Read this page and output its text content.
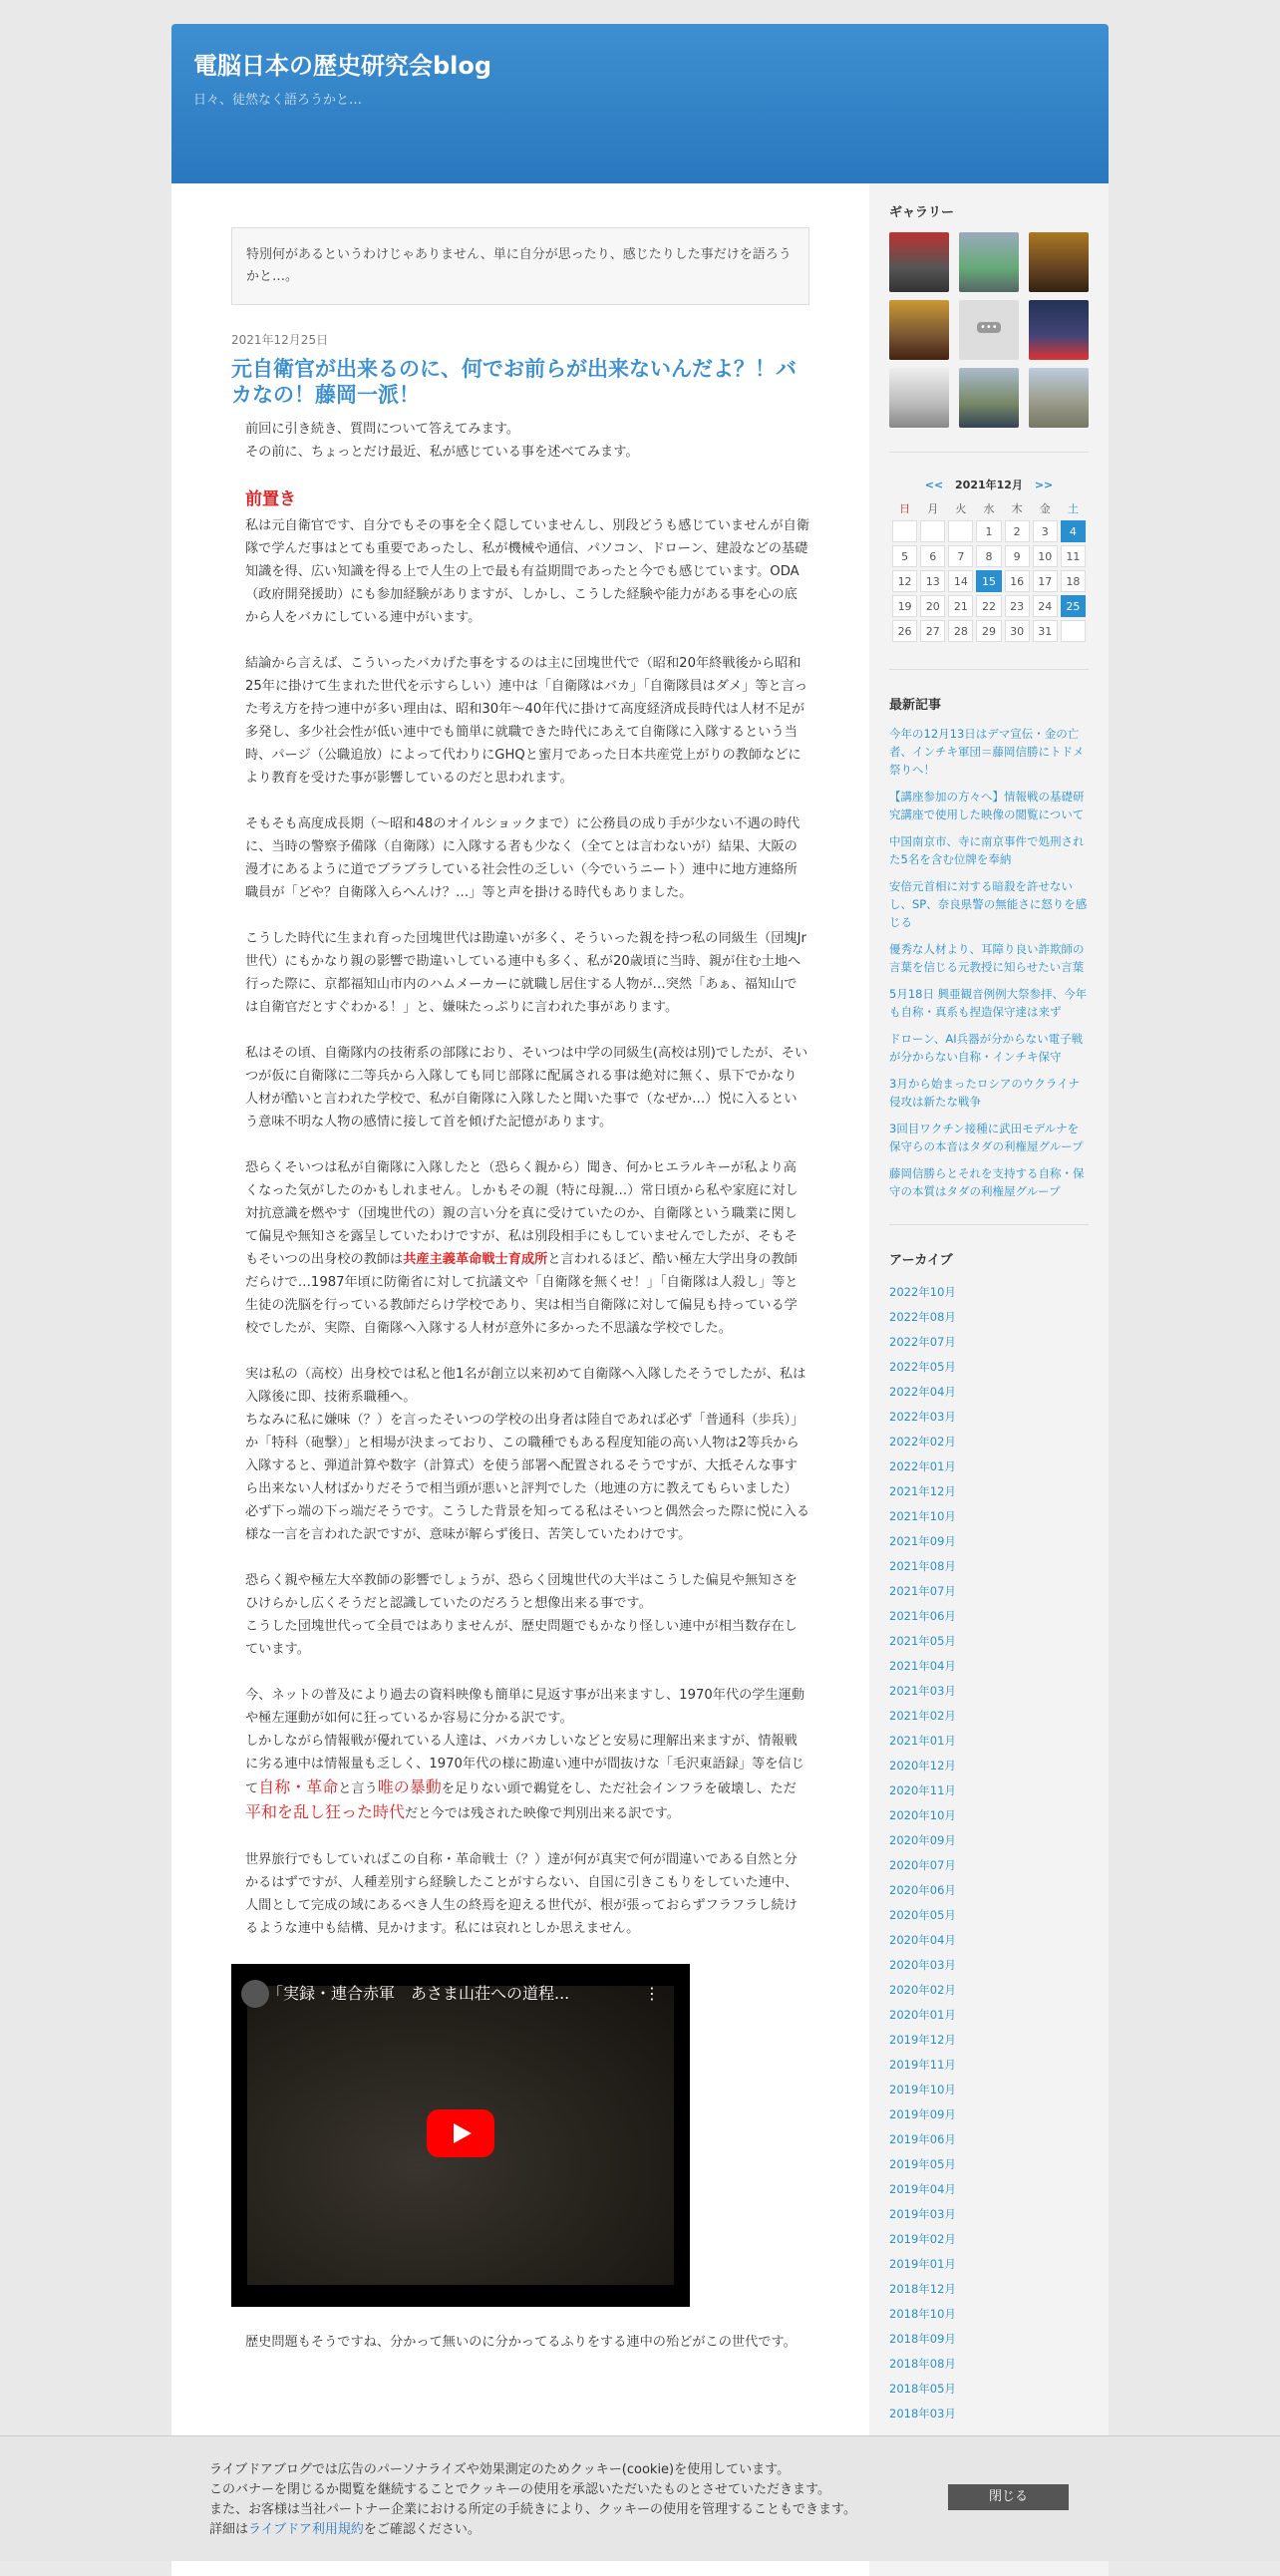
電脳日本の歴史研究会blog
日々、徒然なく語ろうかと…
特別何があるというわけじゃありません、単に自分が思ったり、感じたりした事だけを語ろうかと…。
2021年12月25日
元自衛官が出来るのに、何でお前らが出来ないんだよ？！バカなの！藤岡一派！

前回に引き続き、質問について答えてみます。

その前に、ちょっとだけ最近、私が感じている事を述べてみます。

前置き

私は元自衛官です、自分でもその事を全く隠していませんし、別段どうも感じていませんが自衛隊で学んだ事はとても重要であったし、私が機械や通信、パソコン、ドローン、建設などの基礎知識を得、広い知識を得る上で人生の上で最も有益期間であったと今でも感じています。ODA（政府開発援助）にも参加経験がありますが、しかし、こうした経験や能力がある事を心の底から人をバカにしている連中がいます。

結論から言えば、こういったバカげた事をするのは主に団塊世代で（昭和20年終戦後から昭和25年に掛けて生まれた世代を示すらしい）連中は「自衛隊はバカ」「自衛隊員はダメ」等と言った考え方を持つ連中が多い理由は、昭和30年〜40年代に掛けて高度経済成長時代は人材不足が多発し、多少社会性が低い連中でも簡単に就職できた時代にあえて自衛隊に入隊するという当時、パージ（公職追放）によって代わりにGHQと蜜月であった日本共産党上がりの教師などにより教育を受けた事が影響しているのだと思われます。

そもそも高度成長期（〜昭和48のオイルショックまで）に公務員の成り手が少ない不遇の時代に、当時の警察予備隊（自衛隊）に入隊する者も少なく（全てとは言わないが）結果、大阪の漫才にあるように道でブラブラしている社会性の乏しい（今でいうニート）連中に地方連絡所職員が「どや？自衛隊入らへんけ？…」等と声を掛ける時代もありました。

こうした時代に生まれ育った団塊世代は勘違いが多く、そういった親を持つ私の同級生（団塊Jr世代）にもかなり親の影響で勘違いしている連中も多く、私が20歳頃に当時、親が住む土地へ行った際に、京都福知山市内のハムメーカーに就職し居住する人物が…突然「あぁ、福知山では自衛官だとすぐわかる！」と、嫌味たっぷりに言われた事があります。

私はその頃、自衛隊内の技術系の部隊におり、そいつは中学の同級生(高校は別)でしたが、そいつが仮に自衛隊に二等兵から入隊しても同じ部隊に配属される事は絶対に無く、県下でかなり人材が酷いと言われた学校で、私が自衛隊に入隊したと聞いた事で（なぜか…）悦に入るという意味不明な人物の感情に接して首を傾げた記憶があります。

恐らくそいつは私が自衛隊に入隊したと（恐らく親から）聞き、何かヒエラルキーが私より高くなった気がしたのかもしれません。しかもその親（特に母親…）常日頃から私や家庭に対し対抗意識を燃やす（団塊世代の）親の言い分を真に受けていたのか、自衛隊という職業に関して偏見や無知さを露呈していたわけですが、私は別段相手にもしていませんでしたが、そもそもそいつの出身校の教師は共産主義革命戦士育成所と言われるほど、酷い極左大学出身の教師だらけで…1987年頃に防衛省に対して抗議文や「自衛隊を無くせ！」「自衛隊は人殺し」等と生徒の洗脳を行っている教師だらけ学校であり、実は相当自衛隊に対して偏見も持っている学校でしたが、実際、自衛隊へ入隊する人材が意外に多かった不思議な学校でした。

実は私の（高校）出身校では私と他1名が創立以来初めて自衛隊へ入隊したそうでしたが、私は入隊後に即、技術系職種へ。

ちなみに私に嫌味（？）を言ったそいつの学校の出身者は陸自であれば必ず「普通科（歩兵）」か「特科（砲撃）」と相場が決まっており、この職種でもある程度知能の高い人物は2等兵から入隊すると、弾道計算や数字（計算式）を使う部署へ配置されるそうですが、大抵そんな事すら出来ない人材ばかりだそうで相当頭が悪いと評判でした（地連の方に教えてもらいました）必ず下っ端の下っ端だそうです。こうした背景を知ってる私はそいつと偶然会った際に悦に入る様な一言を言われた訳ですが、意味が解らず後日、苦笑していたわけです。

恐らく親や極左大卒教師の影響でしょうが、恐らく団塊世代の大半はこうした偏見や無知さをひけらかし広くそうだと認識していたのだろうと想像出来る事です。

こうした団塊世代って全員ではありませんが、歴史問題でもかなり怪しい連中が相当数存在しています。

今、ネットの普及により過去の資料映像も簡単に見返す事が出来ますし、1970年代の学生運動や極左運動が如何に狂っているか容易に分かる訳です。

しかしながら情報戦が優れている人達は、バカバカしいなどと安易に理解出来ますが、情報戦に劣る連中は情報量も乏しく、1970年代の様に勘違い連中が間抜けな「毛沢東語録」等を信じて自称・革命と言う唯の暴動を足りない頭で鵜覚をし、ただ社会インフラを破壊し、ただ平和を乱し狂った時代だと今では残された映像で判別出来る訳です。

世界旅行でもしていればこの自称・革命戦士（？）達が何が真実で何が間違いである自然と分かるはずですが、人種差別すら経験したことがすらない、自国に引きこもりをしていた連中、人間として完成の域にあるべき人生の終焉を迎える世代が、根が張っておらずフラフラし続けるような連中も結構、見かけます。私には哀れとしか思えません。

「実録・連合赤軍　あさま山荘への道程...	⋮

歴史問題もそうですね、分かって無いのに分かってるふりをする連中の殆どがこの世代です。

ギャラリー
•••
<< 2021年12月 >>
日	月	火	水	木	金	土
			1	2	3	4
5	6	7	8	9	10	11
12	13	14	15	16	17	18
19	20	21	22	23	24	25
26	27	28	29	30	31	
最新記事
今年の12月13日はデマ宣伝・金の亡者、インチキ軍団＝藤岡信勝にトドメ祭りへ！
【講座参加の方々へ】情報戦の基礎研究講座で使用した映像の閲覧について
中国南京市、寺に南京事件で処刑された5名を含む位牌を奉納
安倍元首相に対する暗殺を許せない し、SP、奈良県警の無能さに怒りを感じる
優秀な人材より、耳障り良い詐欺師の言葉を信じる元教授に知らせたい言葉
5月18日 興亜観音例例大祭参拝、今年も自称・真系も捏造保守達は来ず
ドローン、AI兵器が分からない電子戦が分からない自称・インチキ保守
3月から始まったロシアのウクライナ侵攻は新たな戦争
3回目ワクチン接種に武田モデルナを保守らの本音はタダの利権屋グループ
藤岡信勝らとそれを支持する自称・保守の本質はタダの利権屋グループ
アーカイブ
2022年10月
2022年08月
2022年07月
2022年05月
2022年04月
2022年03月
2022年02月
2022年01月
2021年12月
2021年10月
2021年09月
2021年08月
2021年07月
2021年06月
2021年05月
2021年04月
2021年03月
2021年02月
2021年01月
2020年12月
2020年11月
2020年10月
2020年09月
2020年07月
2020年06月
2020年05月
2020年04月
2020年03月
2020年02月
2020年01月
2019年12月
2019年11月
2019年10月
2019年09月
2019年06月
2019年05月
2019年04月
2019年03月
2019年02月
2019年01月
2018年12月
2018年10月
2018年09月
2018年08月
2018年05月
2018年03月
ライブドアブログでは広告のパーソナライズや効果測定のためクッキー(cookie)を使用しています。
このバナーを閉じるか閲覧を継続することでクッキーの使用を承認いただいたものとさせていただきます。
また、お客様は当社パートナー企業における所定の手続きにより、クッキーの使用を管理することもできます。
詳細はライブドア利用規約をご確認ください。
閉じる
